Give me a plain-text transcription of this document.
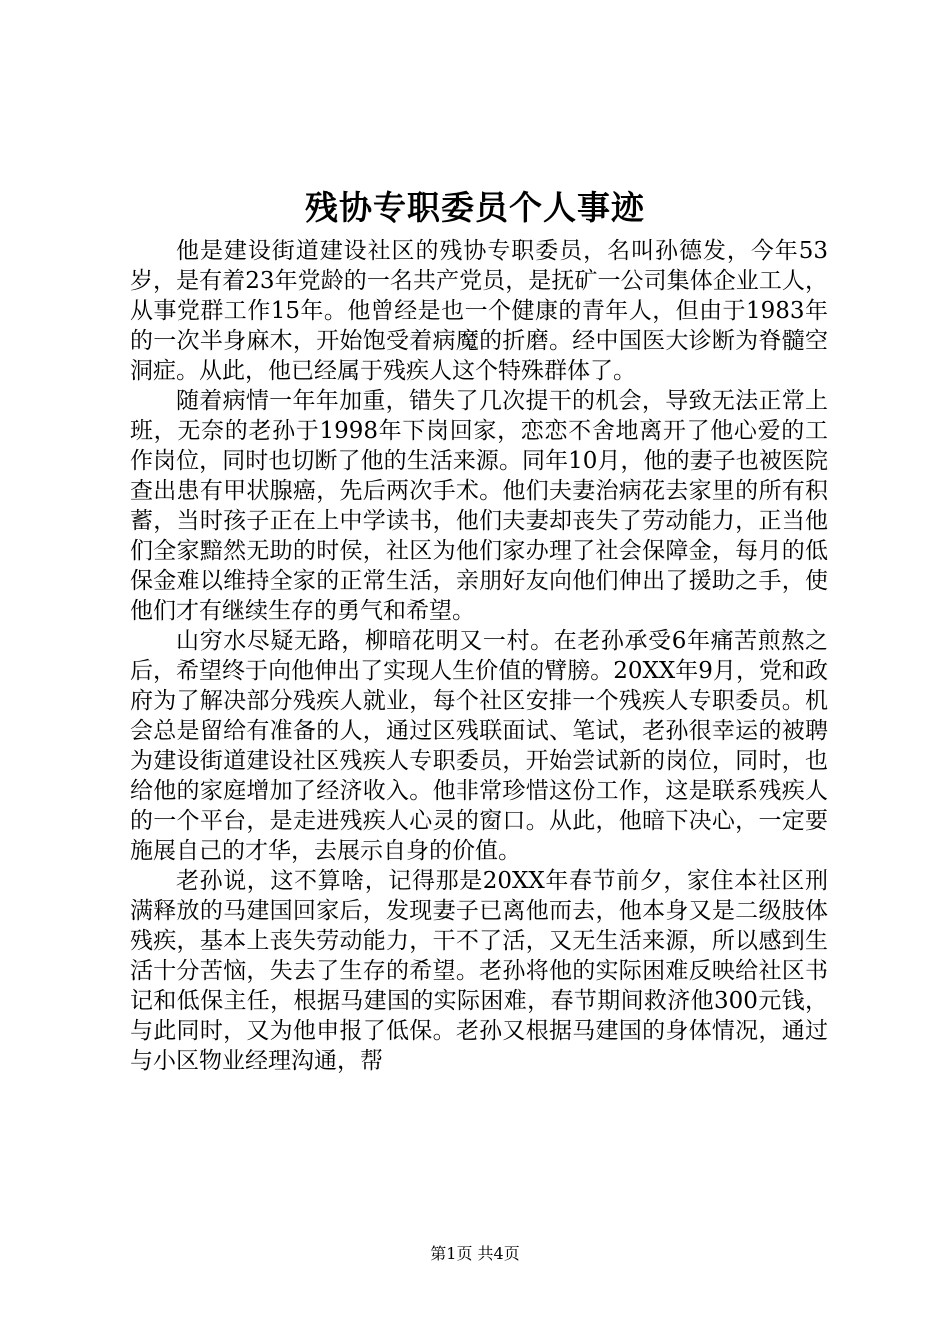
残协专职委员个人事迹

他是建设街道建设社区的残协专职委员，名叫孙德发，今年53岁，是有着23年党龄的一名共产党员，是抚矿一公司集体企业工人，从事党群工作15年。他曾经是也一个健康的青年人，但由于1983年的一次半身麻木，开始饱受着病魔的折磨。经中国医大诊断为脊髓空洞症。从此，他已经属于残疾人这个特殊群体了。

随着病情一年年加重，错失了几次提干的机会，导致无法正常上班，无奈的老孙于1998年下岗回家，恋恋不舍地离开了他心爱的工作岗位，同时也切断了他的生活来源。同年10月，他的妻子也被医院查出患有甲状腺癌，先后两次手术。他们夫妻治病花去家里的所有积蓄，当时孩子正在上中学读书，他们夫妻却丧失了劳动能力，正当他们全家黯然无助的时侯，社区为他们家办理了社会保障金，每月的低保金难以维持全家的正常生活，亲朋好友向他们伸出了援助之手，使他们才有继续生存的勇气和希望。

山穷水尽疑无路，柳暗花明又一村。在老孙承受6年痛苦煎熬之后，希望终于向他伸出了实现人生价值的臂膀。20XX年9月，党和政府为了解决部分残疾人就业，每个社区安排一个残疾人专职委员。机会总是留给有准备的人，通过区残联面试、笔试，老孙很幸运的被聘为建设街道建设社区残疾人专职委员，开始尝试新的岗位，同时，也给他的家庭增加了经济收入。他非常珍惜这份工作，这是联系残疾人的一个平台，是走进残疾人心灵的窗口。从此，他暗下决心，一定要施展自己的才华，去展示自身的价值。

老孙说，这不算啥，记得那是20XX年春节前夕，家住本社区刑满释放的马建国回家后，发现妻子已离他而去，他本身又是二级肢体残疾，基本上丧失劳动能力，干不了活，又无生活来源，所以感到生活十分苦恼，失去了生存的希望。老孙将他的实际困难反映给社区书记和低保主任，根据马建国的实际困难，春节期间救济他300元钱，与此同时，又为他申报了低保。老孙又根据马建国的身体情况，通过与小区物业经理沟通，帮

第1页 共4页
